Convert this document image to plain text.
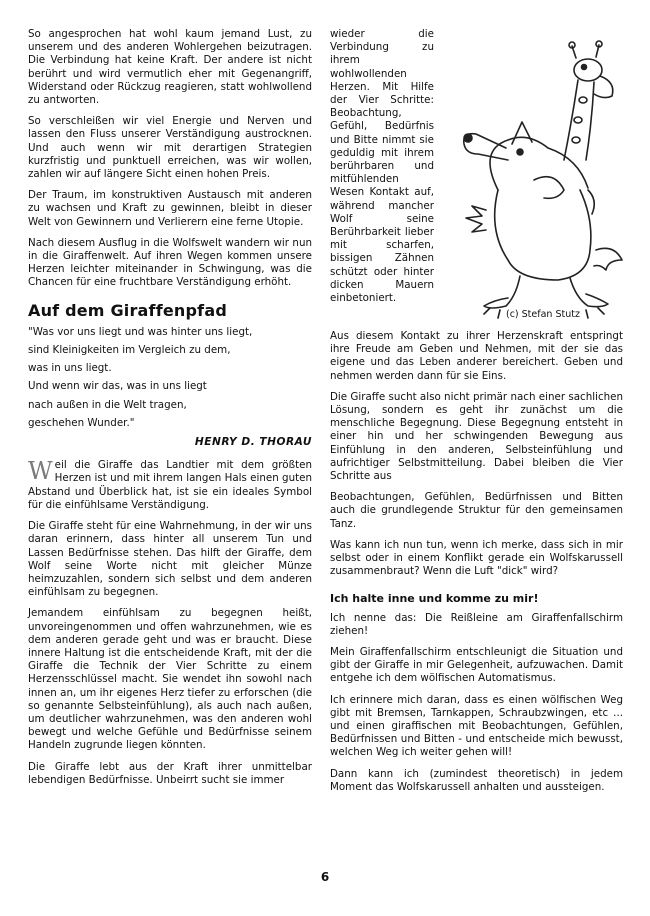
So angesprochen hat wohl kaum jemand Lust, zu unserem und des anderen Wohlergehen beizutragen. Die Verbindung hat keine Kraft. Der andere ist nicht berührt und wird vermutlich eher mit Gegenangriff, Widerstand oder Rückzug reagieren, statt wohlwollend zu antworten.

So verschleißen wir viel Energie und Nerven und lassen den Fluss unserer Verständigung austrocknen. Und auch wenn wir mit derartigen Strategien kurzfristig und punktuell erreichen, was wir wollen, zahlen wir auf längere Sicht einen hohen Preis.

Der Traum, im konstruktiven Austausch mit anderen zu wachsen und Kraft zu gewinnen, bleibt in dieser Welt von Gewinnern und Verlierern eine ferne Utopie.

Nach diesem Ausflug in die Wolfswelt wandern wir nun in die Giraffenwelt. Auf ihren Wegen kommen unsere Herzen leichter miteinander in Schwingung, was die Chancen für eine fruchtbare Verständigung erhöht.

Auf dem Giraffenpfad

"Was vor uns liegt und was hinter uns liegt,

sind Kleinigkeiten im Vergleich zu dem,

was in uns liegt.

Und wenn wir das, was in uns liegt

nach außen in die Welt tragen,

geschehen Wunder."

HENRY D. THORAU

Weil die Giraffe das Landtier mit dem größten Herzen ist und mit ihrem langen Hals einen guten Abstand und Überblick hat, ist sie ein ideales Symbol für die einfühlsame Verständigung.

Die Giraffe steht für eine Wahrnehmung, in der wir uns daran erinnern, dass hinter all unserem Tun und Lassen Bedürfnisse stehen. Das hilft der Giraffe, dem Wolf seine Worte nicht mit gleicher Münze heimzuzahlen, sondern sich selbst und dem anderen einfühlsam zu begegnen.

Jemandem einfühlsam zu begegnen heißt, unvoreingenommen und offen wahrzunehmen, wie es dem anderen gerade geht und was er braucht. Diese innere Haltung ist die entscheidende Kraft, mit der die Giraffe die Technik der Vier Schritte zu einem Herzensschlüssel macht. Sie wendet ihn sowohl nach innen an, um ihr eigenes Herz tiefer zu erforschen (die so genannte Selbsteinfühlung), als auch nach außen, um deutlicher wahrzunehmen, was den anderen wohl bewegt und welche Gefühle und Bedürfnisse seinem Handeln zugrunde liegen könnten.

Die Giraffe lebt aus der Kraft ihrer unmittelbar lebendigen Bedürfnisse. Unbeirrt sucht sie immer

wieder die Verbindung zu ihrem wohlwollenden Herzen. Mit Hilfe der Vier Schritte: Beobachtung, Gefühl, Bedürfnis und Bitte nimmt sie geduldig mit ihrem berührbaren und mitfühlenden Wesen Kontakt auf, während mancher Wolf seine Berührbarkeit lieber mit scharfen, bissigen Zähnen schützt oder hinter dicken Mauern einbetoniert.

(c) Stefan Stutz

Aus diesem Kontakt zu ihrer Herzenskraft entspringt ihre Freude am Geben und Nehmen, mit der sie das eigene und das Leben anderer bereichert. Geben und nehmen werden dann für sie Eins.

Die Giraffe sucht also nicht primär nach einer sachlichen Lösung, sondern es geht ihr zunächst um die menschliche Begegnung. Diese Begegnung entsteht in einer hin und her schwingenden Bewegung aus Einfühlung in den anderen, Selbsteinfühlung und aufrichtiger Selbstmitteilung. Dabei bleiben die Vier Schritte aus

Beobachtungen, Gefühlen, Bedürfnissen und Bitten auch die grundlegende Struktur für den gemeinsamen Tanz.

Was kann ich nun tun, wenn ich merke, dass sich in mir selbst oder in einem Konflikt gerade ein Wolfskarussell zusammenbraut? Wenn die Luft "dick" wird?

Ich halte inne und komme zu mir!

Ich nenne das: Die Reißleine am Giraffenfallschirm ziehen!

Mein Giraffenfallschirm entschleunigt die Situation und gibt der Giraffe in mir Gelegenheit, aufzuwachen. Damit entgehe ich dem wölfischen Automatismus.

Ich erinnere mich daran, dass es einen wölfischen Weg gibt mit Bremsen, Tarnkappen, Schraubzwingen, etc ... und einen giraffischen mit Beobachtungen, Gefühlen, Bedürfnissen und Bitten - und entscheide mich bewusst, welchen Weg ich weiter gehen will!

Dann kann ich (zumindest theoretisch) in jedem Moment das Wolfskarussell anhalten und aussteigen.

6
